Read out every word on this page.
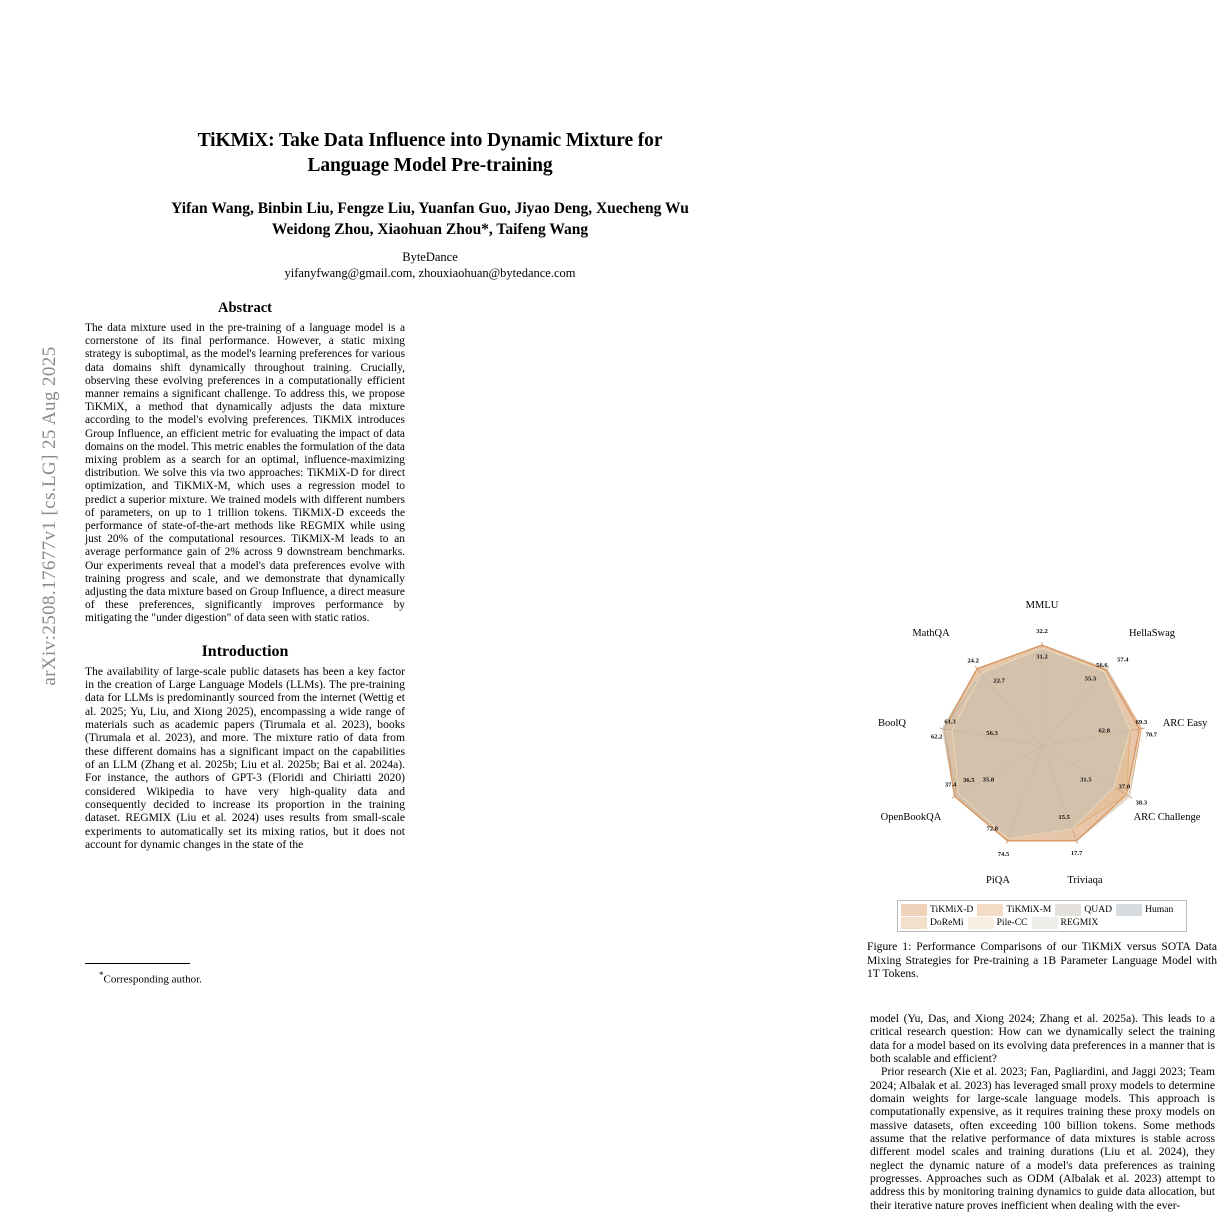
arXiv:2508.17677v1 [cs.LG] 25 Aug 2025
TiKMiX: Take Data Influence into Dynamic Mixture for
Language Model Pre-training
Yifan Wang, Binbin Liu, Fengze Liu, Yuanfan Guo, Jiyao Deng, Xuecheng Wu
Weidong Zhou, Xiaohuan Zhou*, Taifeng Wang
ByteDance
yifanyfwang@gmail.com, zhouxiaohuan@bytedance.com
Abstract

The data mixture used in the pre-training of a language model is a cornerstone of its final performance. However, a static mixing strategy is suboptimal, as the model's learning preferences for various data domains shift dynamically throughout training. Crucially, observing these evolving preferences in a computationally efficient manner remains a significant challenge. To address this, we propose TiKMiX, a method that dynamically adjusts the data mixture according to the model's evolving preferences. TiKMiX introduces Group Influence, an efficient metric for evaluating the impact of data domains on the model. This metric enables the formulation of the data mixing problem as a search for an optimal, influence-maximizing distribution. We solve this via two approaches: TiKMiX-D for direct optimization, and TiKMiX-M, which uses a regression model to predict a superior mixture. We trained models with different numbers of parameters, on up to 1 trillion tokens. TiKMiX-D exceeds the performance of state-of-the-art methods like REGMIX while using just 20% of the computational resources. TiKMiX-M leads to an average performance gain of 2% across 9 downstream benchmarks. Our experiments reveal that a model's data preferences evolve with training progress and scale, and we demonstrate that dynamically adjusting the data mixture based on Group Influence, a direct measure of these preferences, significantly improves performance by mitigating the "under digestion" of data seen with static ratios.

Introduction

The availability of large-scale public datasets has been a key factor in the creation of Large Language Models (LLMs). The pre-training data for LLMs is predominantly sourced from the internet (Wettig et al. 2025; Yu, Liu, and Xiong 2025), encompassing a wide range of materials such as academic papers (Tirumala et al. 2023), books (Tirumala et al. 2023), and more. The mixture ratio of data from these different domains has a significant impact on the capabilities of an LLM (Zhang et al. 2025b; Liu et al. 2025b; Bai et al. 2024a). For instance, the authors of GPT-3 (Floridi and Chiriatti 2020) considered Wikipedia to have very high-quality data and consequently decided to increase its proportion in the training dataset. REGMIX (Liu et al. 2024) uses results from small-scale experiments to automatically set its mixing ratios, but it does not account for dynamic changes in the state of the

*Corresponding author.
32.2
31.2
56.6
57.4
55.3
69.3
70.7
62.8
37.0
38.3
31.5
17.7
15.5
74.5
72.8
37.4
36.5 35.8
61.3
62.2	56.3
24.2
22.7
MMLU
HellaSwag
ARC Easy
ARC Challenge
Triviaqa
PiQA
OpenBookQA
BoolQ
MathQA
TiKMiX-D	TiKMiX-M	QUAD	Human
DoReMi	Pile-CC	REGMIX
Figure 1: Performance Comparisons of our TiKMiX versus SOTA Data Mixing Strategies for Pre-training a 1B Parameter Language Model with 1T Tokens.

model (Yu, Das, and Xiong 2024; Zhang et al. 2025a). This leads to a critical research question: How can we dynamically select the training data for a model based on its evolving data preferences in a manner that is both scalable and efficient?

Prior research (Xie et al. 2023; Fan, Pagliardini, and Jaggi 2023; Team 2024; Albalak et al. 2023) has leveraged small proxy models to determine domain weights for large-scale language models. This approach is computationally expensive, as it requires training these proxy models on massive datasets, often exceeding 100 billion tokens. Some methods assume that the relative performance of data mixtures is stable across different model scales and training durations (Liu et al. 2024), they neglect the dynamic nature of a model's data preferences as training progresses. Approaches such as ODM (Albalak et al. 2023) attempt to address this by monitoring training dynamics to guide data allocation, but their iterative nature proves inefficient when dealing with the ever-
